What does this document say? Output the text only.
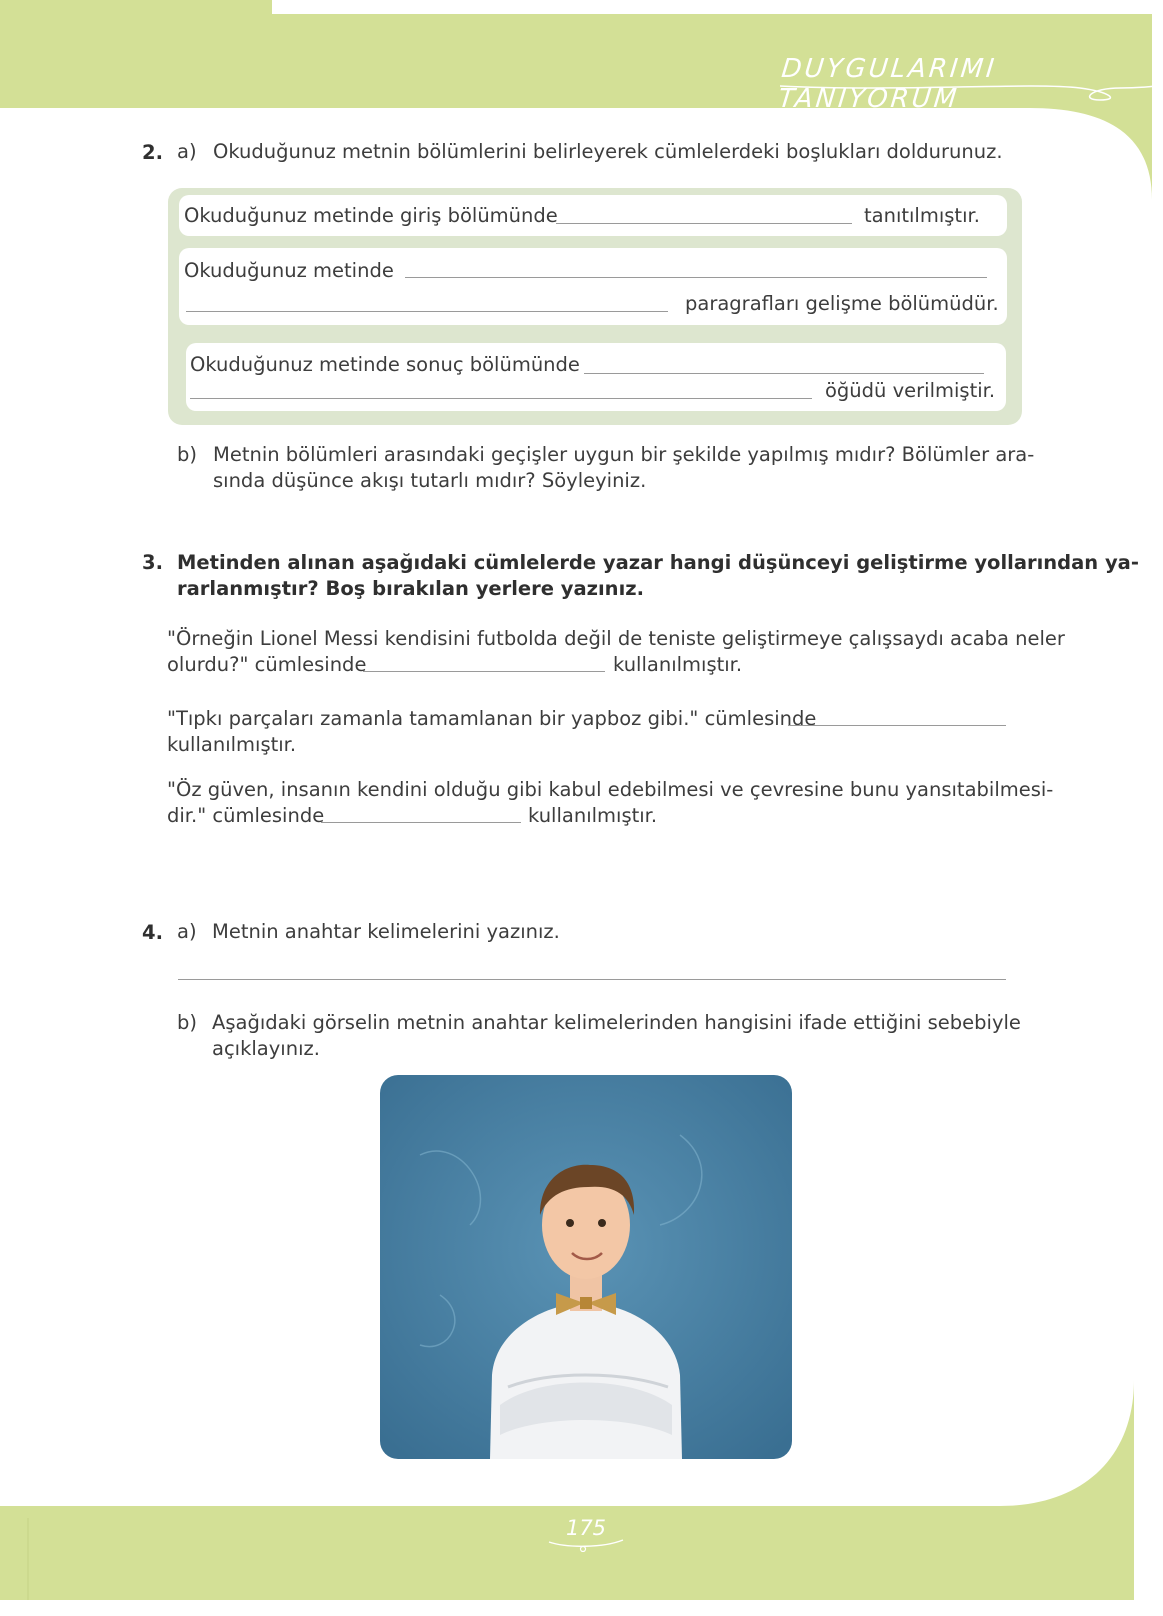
DUYGULARIMI TANIYORUM
2. a) Okuduğunuz metnin bölümlerini belirleyerek cümlelerdeki boşlukları doldurunuz.
Okuduğunuz metinde giriş bölümünde	tanıtılmıştır.
Okuduğunuz metinde
paragrafları gelişme bölümüdür.
Okuduğunuz metinde sonuç bölümünde
öğüdü verilmiştir.
b) Metnin bölümleri arasındaki geçişler uygun bir şekilde yapılmış mıdır? Bölümler ara-
sında düşünce akışı tutarlı mıdır? Söyleyiniz.
3. Metinden alınan aşağıdaki cümlelerde yazar hangi düşünceyi geliştirme yollarından ya-
rarlanmıştır? Boş bırakılan yerlere yazınız.
"Örneğin Lionel Messi kendisini futbolda değil de teniste geliştirmeye çalışsaydı acaba neler
olurdu?" cümlesinde	kullanılmıştır.
"Tıpkı parçaları zamanla tamamlanan bir yapboz gibi." cümlesinde
kullanılmıştır.
"Öz güven, insanın kendini olduğu gibi kabul edebilmesi ve çevresine bunu yansıtabilmesi-
dir." cümlesinde	kullanılmıştır.
4. a) Metnin anahtar kelimelerini yazınız.
b) Aşağıdaki görselin metnin anahtar kelimelerinden hangisini ifade ettiğini sebebiyle
açıklayınız.
175
